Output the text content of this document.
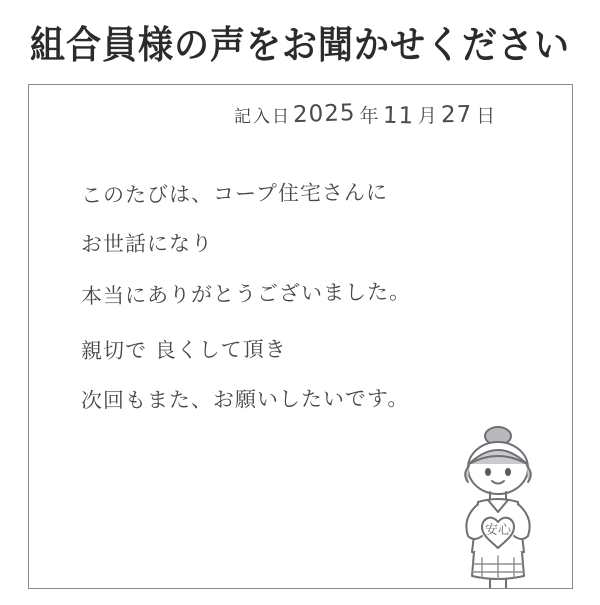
組合員様の声をお聞かせください
記入日 2025 年 11 月 27 日
このたびは、コープ住宅さんに
お世話になり
本当にありがとうございました。
親切で 良くして頂き
次回もまた、お願いしたいです。
安心
